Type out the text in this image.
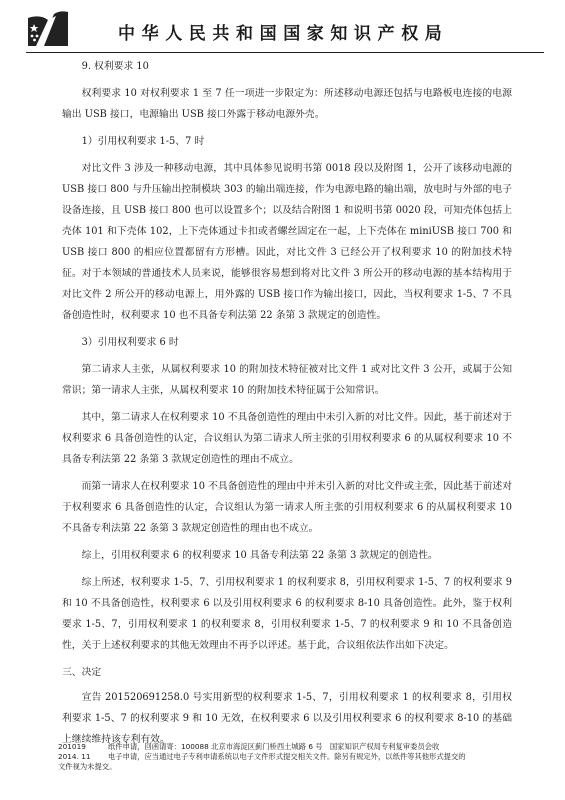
中华人民共和国国家知识产权局

9. 权利要求 10

权利要求 10 对权利要求 1 至 7 任一项进一步限定为：所述移动电源还包括与电路板电连接的电源输出 USB 接口，电源输出 USB 接口外露于移动电源外壳。

1）引用权利要求 1-5、7 时

对比文件 3 涉及一种移动电源，其中具体参见说明书第 0018 段以及附图 1，公开了该移动电源的 USB 接口 800 与升压输出控制模块 303 的输出端连接，作为电源电路的输出端，放电时与外部的电子设备连接，且 USB 接口 800 也可以设置多个；以及结合附图 1 和说明书第 0020 段，可知壳体包括上壳体 101 和下壳体 102，上下壳体通过卡扣或者螺丝固定在一起，上下壳体在 miniUSB 接口 700 和 USB 接口 800 的相应位置都留有方形槽。因此，对比文件 3 已经公开了权利要求 10 的附加技术特征。对于本领域的普通技术人员来说，能够很容易想到将对比文件 3 所公开的移动电源的基本结构用于对比文件 2 所公开的移动电源上，用外露的 USB 接口作为输出接口，因此，当权利要求 1-5、7 不具备创造性时，权利要求 10 也不具备专利法第 22 条第 3 款规定的创造性。

3）引用权利要求 6 时

第二请求人主张，从属权利要求 10 的附加技术特征被对比文件 1 或对比文件 3 公开，或属于公知常识；第一请求人主张，从属权利要求 10 的附加技术特征属于公知常识。

其中，第二请求人在权利要求 10 不具备创造性的理由中未引入新的对比文件。因此，基于前述对于权利要求 6 具备创造性的认定，合议组认为第二请求人所主张的引用权利要求 6 的从属权利要求 10 不具备专利法第 22 条第 3 款规定创造性的理由不成立。

而第一请求人在权利要求 10 不具备创造性的理由中并未引入新的对比文件或主张，因此基于前述对于权利要求 6 具备创造性的认定，合议组认为第一请求人所主张的引用权利要求 6 的从属权利要求 10 不具备专利法第 22 条第 3 款规定创造性的理由也不成立。

综上，引用权利要求 6 的权利要求 10 具备专利法第 22 条第 3 款规定的创造性。

综上所述，权利要求 1-5、7、引用权利要求 1 的权利要求 8，引用权利要求 1-5、7 的权利要求 9 和 10 不具备创造性，权利要求 6 以及引用权利要求 6 的权利要求 8-10 具备创造性。此外，鉴于权利要求 1-5、7，引用权利要求 1 的权利要求 8，引用权利要求 1-5、7 的权利要求 9 和 10 不具备创造性，关于上述权利要求的其他无效理由不再予以评述。基于此，合议组依法作出如下决定。

三、决定

宣告 201520691258.0 号实用新型的权利要求 1-5、7，引用权利要求 1 的权利要求 8，引用权利要求 1-5、7 的权利要求 9 和 10 无效，在权利要求 6 以及引用权利要求 6 的权利要求 8-10 的基础上继续维持该专利有效。

201019	纸件申请，回函请寄：100088 北京市海淀区蓟门桥西土城路 6 号　国家知识产权局专利复审委员会收
2014. 11	电子申请，应当通过电子专利申请系统以电子文件形式提交相关文件。除另有规定外，以纸件等其他形式提交的
文件视为未提交。
